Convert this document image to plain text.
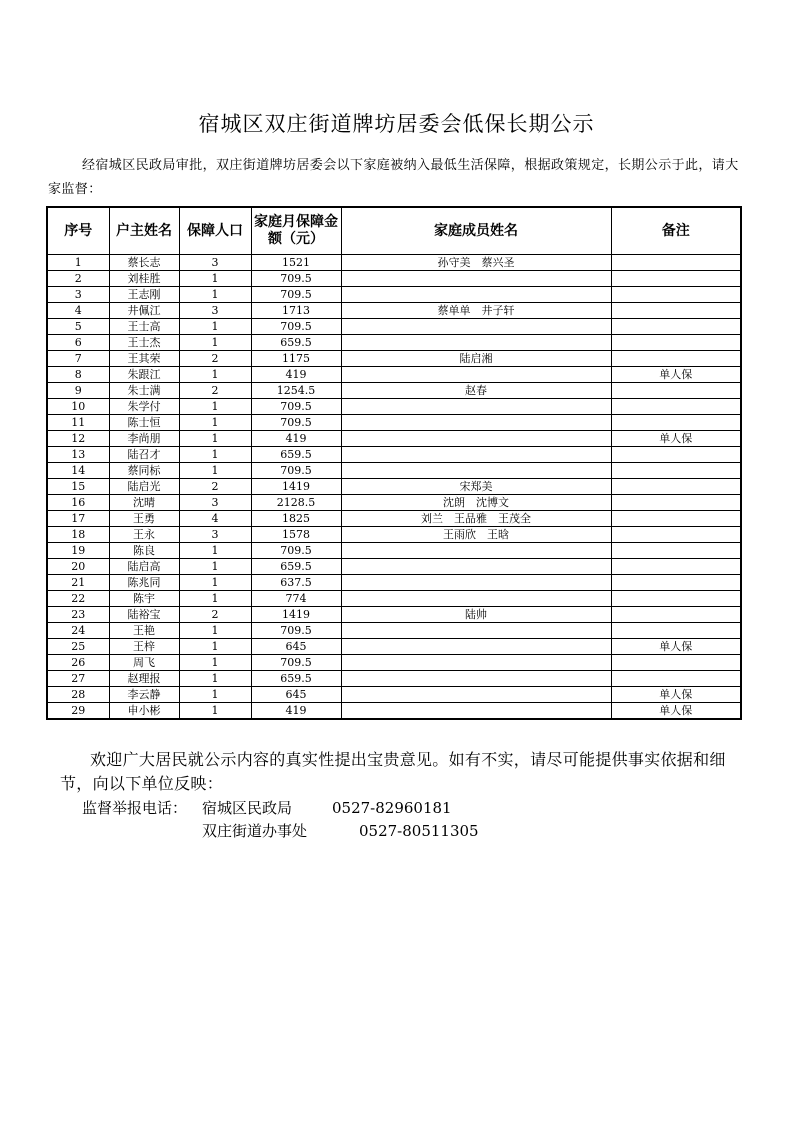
宿城区双庄街道牌坊居委会低保长期公示
经宿城区民政局审批，双庄街道牌坊居委会以下家庭被纳入最低生活保障，根据政策规定，长期公示于此，请大家监督：
序号	户主姓名	保障人口	家庭月保障金额（元）	家庭成员姓名	备注
1	蔡长志	3	1521	孙守美　蔡兴圣	
2	刘桂胜	1	709.5		
3	王志刚	1	709.5		
4	井佩江	3	1713	蔡单单　井子轩	
5	王士高	1	709.5		
6	王士杰	1	659.5		
7	王其荣	2	1175	陆启湘	
8	朱跟江	1	419		单人保
9	朱士满	2	1254.5	赵春	
10	朱学付	1	709.5		
11	陈士恒	1	709.5		
12	李尚朋	1	419		单人保
13	陆召才	1	659.5		
14	蔡同标	1	709.5		
15	陆启光	2	1419	宋郑美	
16	沈晴	3	2128.5	沈朗　沈博文	
17	王勇	4	1825	刘兰　王品雅　王茂全	
18	王永	3	1578	王雨欣　王晗	
19	陈良	1	709.5		
20	陆启高	1	659.5		
21	陈兆同	1	637.5		
22	陈宇	1	774		
23	陆裕宝	2	1419	陆帅	
24	王艳	1	709.5		
25	王梓	1	645		单人保
26	周飞	1	709.5		
27	赵理报	1	659.5		
28	李云静	1	645		单人保
29	申小彬	1	419		单人保
欢迎广大居民就公示内容的真实性提出宝贵意见。如有不实，请尽可能提供事实依据和细节，向以下单位反映：
监督举报电话： 宿城区民政局	0527-82960181
双庄街道办事处	0527-80511305
